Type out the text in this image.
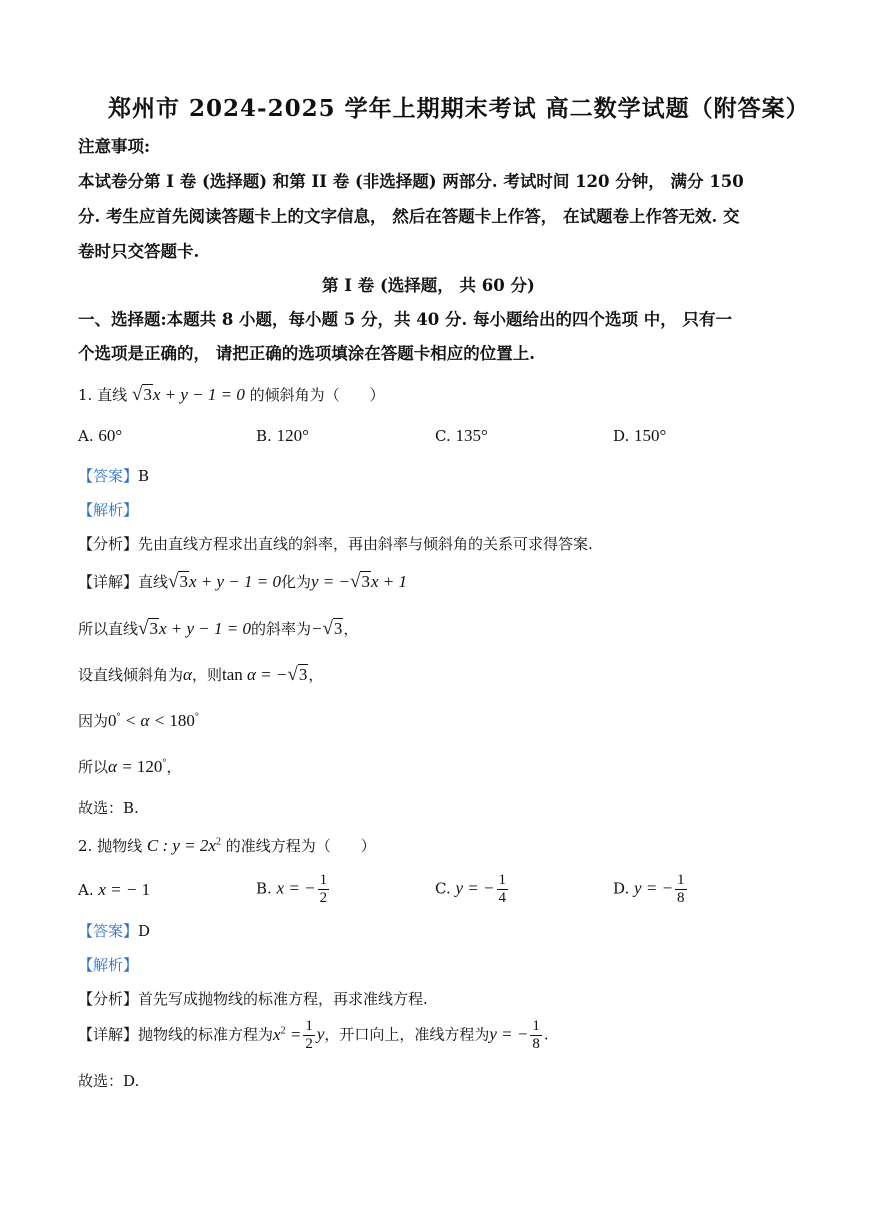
郑州市 2024-2025 学年上期期末考试 高二数学试题（附答案）
注意事项:
本试卷分第 I 卷 (选择题) 和第 II 卷 (非选择题) 两部分. 考试时间 120 分钟， 满分 150
分. 考生应首先阅读答题卡上的文字信息， 然后在答题卡上作答， 在试题卷上作答无效. 交
卷时只交答题卡.
第 I 卷 (选择题， 共 60 分)
一、选择题:本题共 8 小题，每小题 5 分，共 40 分. 每小题给出的四个选项 中， 只有一
个选项是正确的， 请把正确的选项填涂在答题卡相应的位置上.
1. 直线 √3x + y − 1 = 0 的倾斜角为（　　）
A. 60°	B. 120°	C. 135°	D. 150°
【答案】B
【解析】
【分析】先由直线方程求出直线的斜率，再由斜率与倾斜角的关系可求得答案.
【详解】直线√3x + y − 1 = 0化为y = −√3x + 1
所以直线√3x + y − 1 = 0的斜率为−√3，
设直线倾斜角为α，则tan α = −√3，
因为0° < α < 180°
所以α = 120°，
故选：B.
2. 抛物线 C : $y = 2x^2$ 的准线方程为（　　）
A. x = − 1	B. x = − $\frac{1}{2}$	C. y = − $\frac{1}{4}$	D. y = − $\frac{1}{8}$
【答案】D
【解析】
【分析】首先写成抛物线的标准方程，再求准线方程.
【详解】抛物线的标准方程为$x^2 = \frac{1}{2}$ y，开口向上，准线方程为y = − $\frac{1}{8}$ .
故选：D.
